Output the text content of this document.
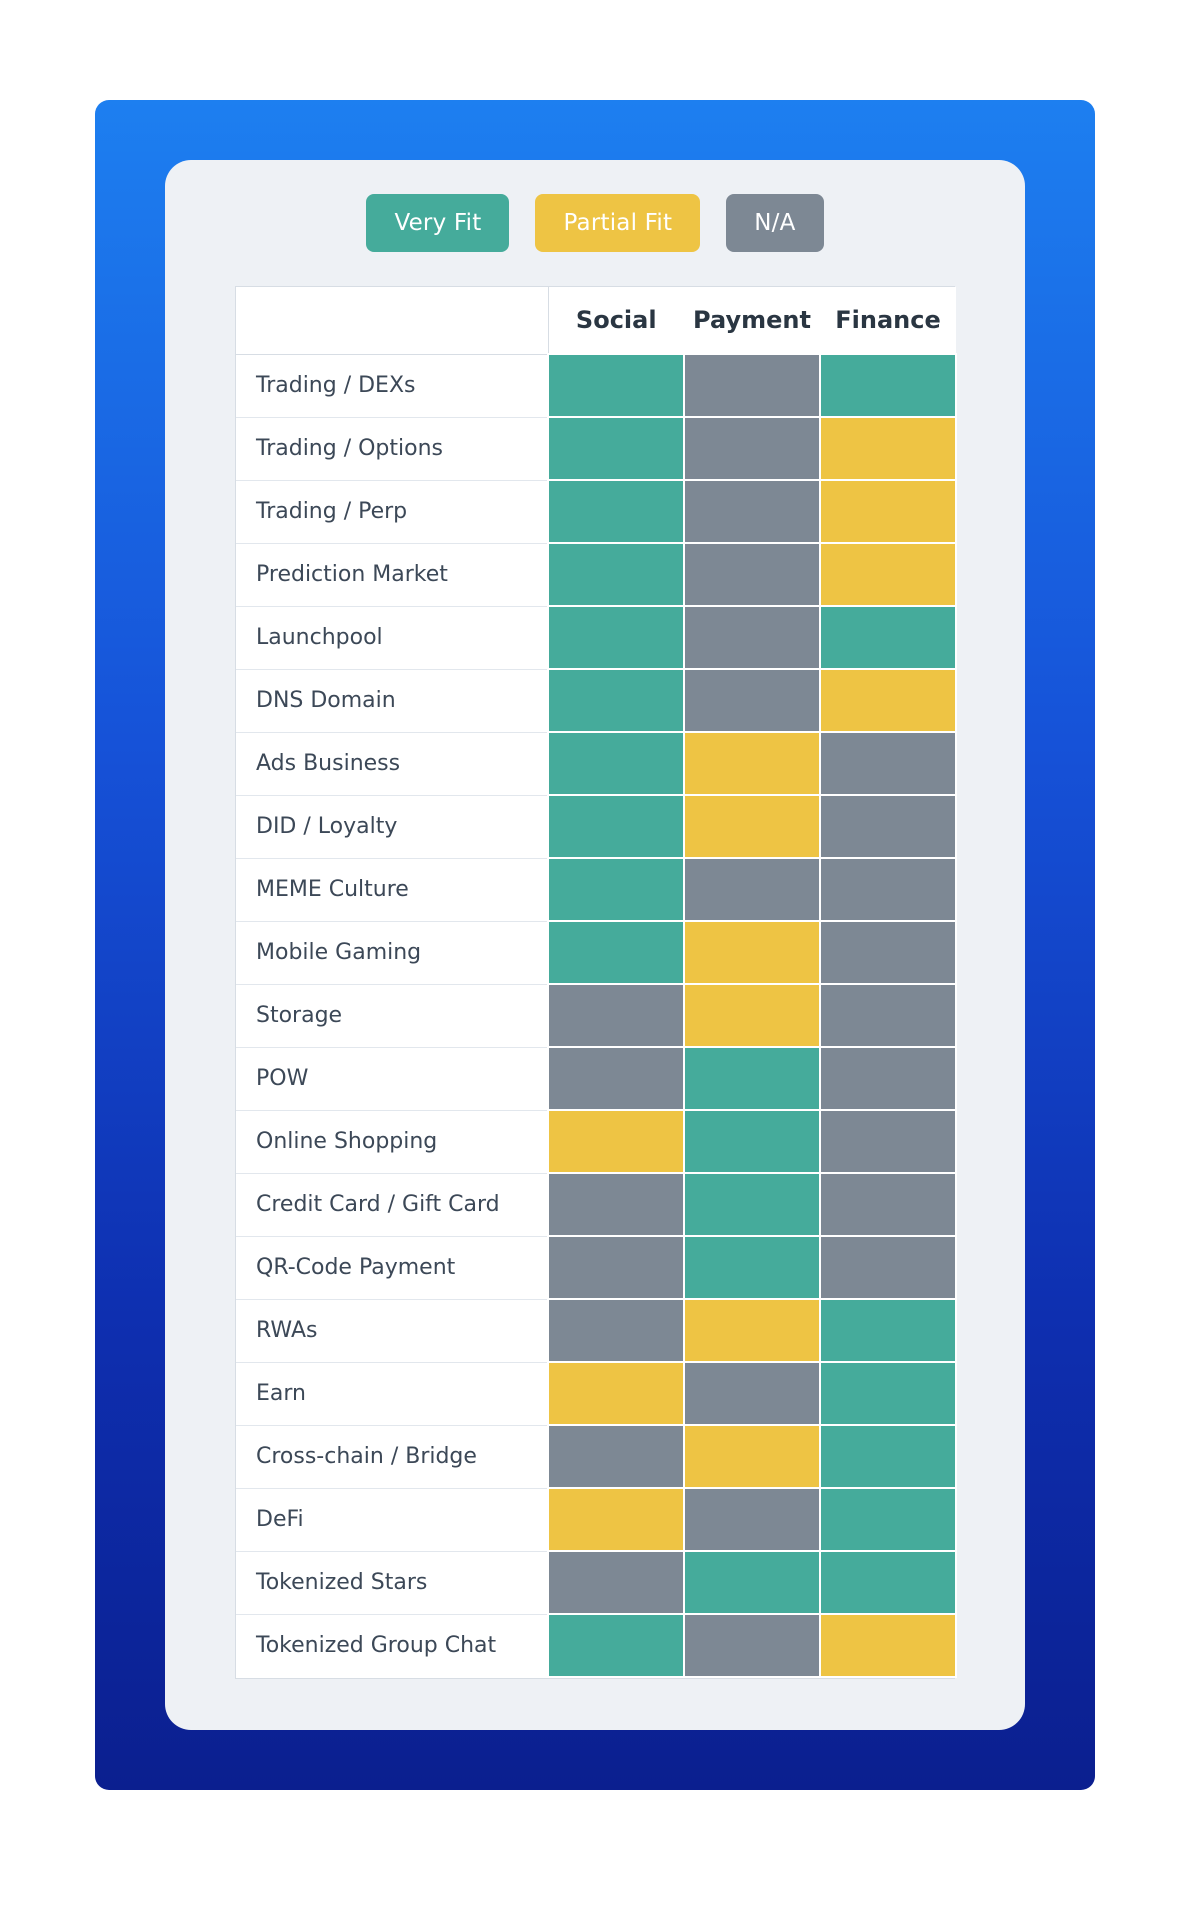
Very Fit	Partial Fit	N/A
	Social	Payment	Finance
Trading / DEXs			
Trading / Options			
Trading / Perp			
Prediction Market			
Launchpool			
DNS Domain			
Ads Business			
DID / Loyalty			
MEME Culture			
Mobile Gaming			
Storage			
POW			
Online Shopping			
Credit Card / Gift Card			
QR-Code Payment			
RWAs			
Earn			
Cross-chain / Bridge			
DeFi			
Tokenized Stars			
Tokenized Group Chat			
